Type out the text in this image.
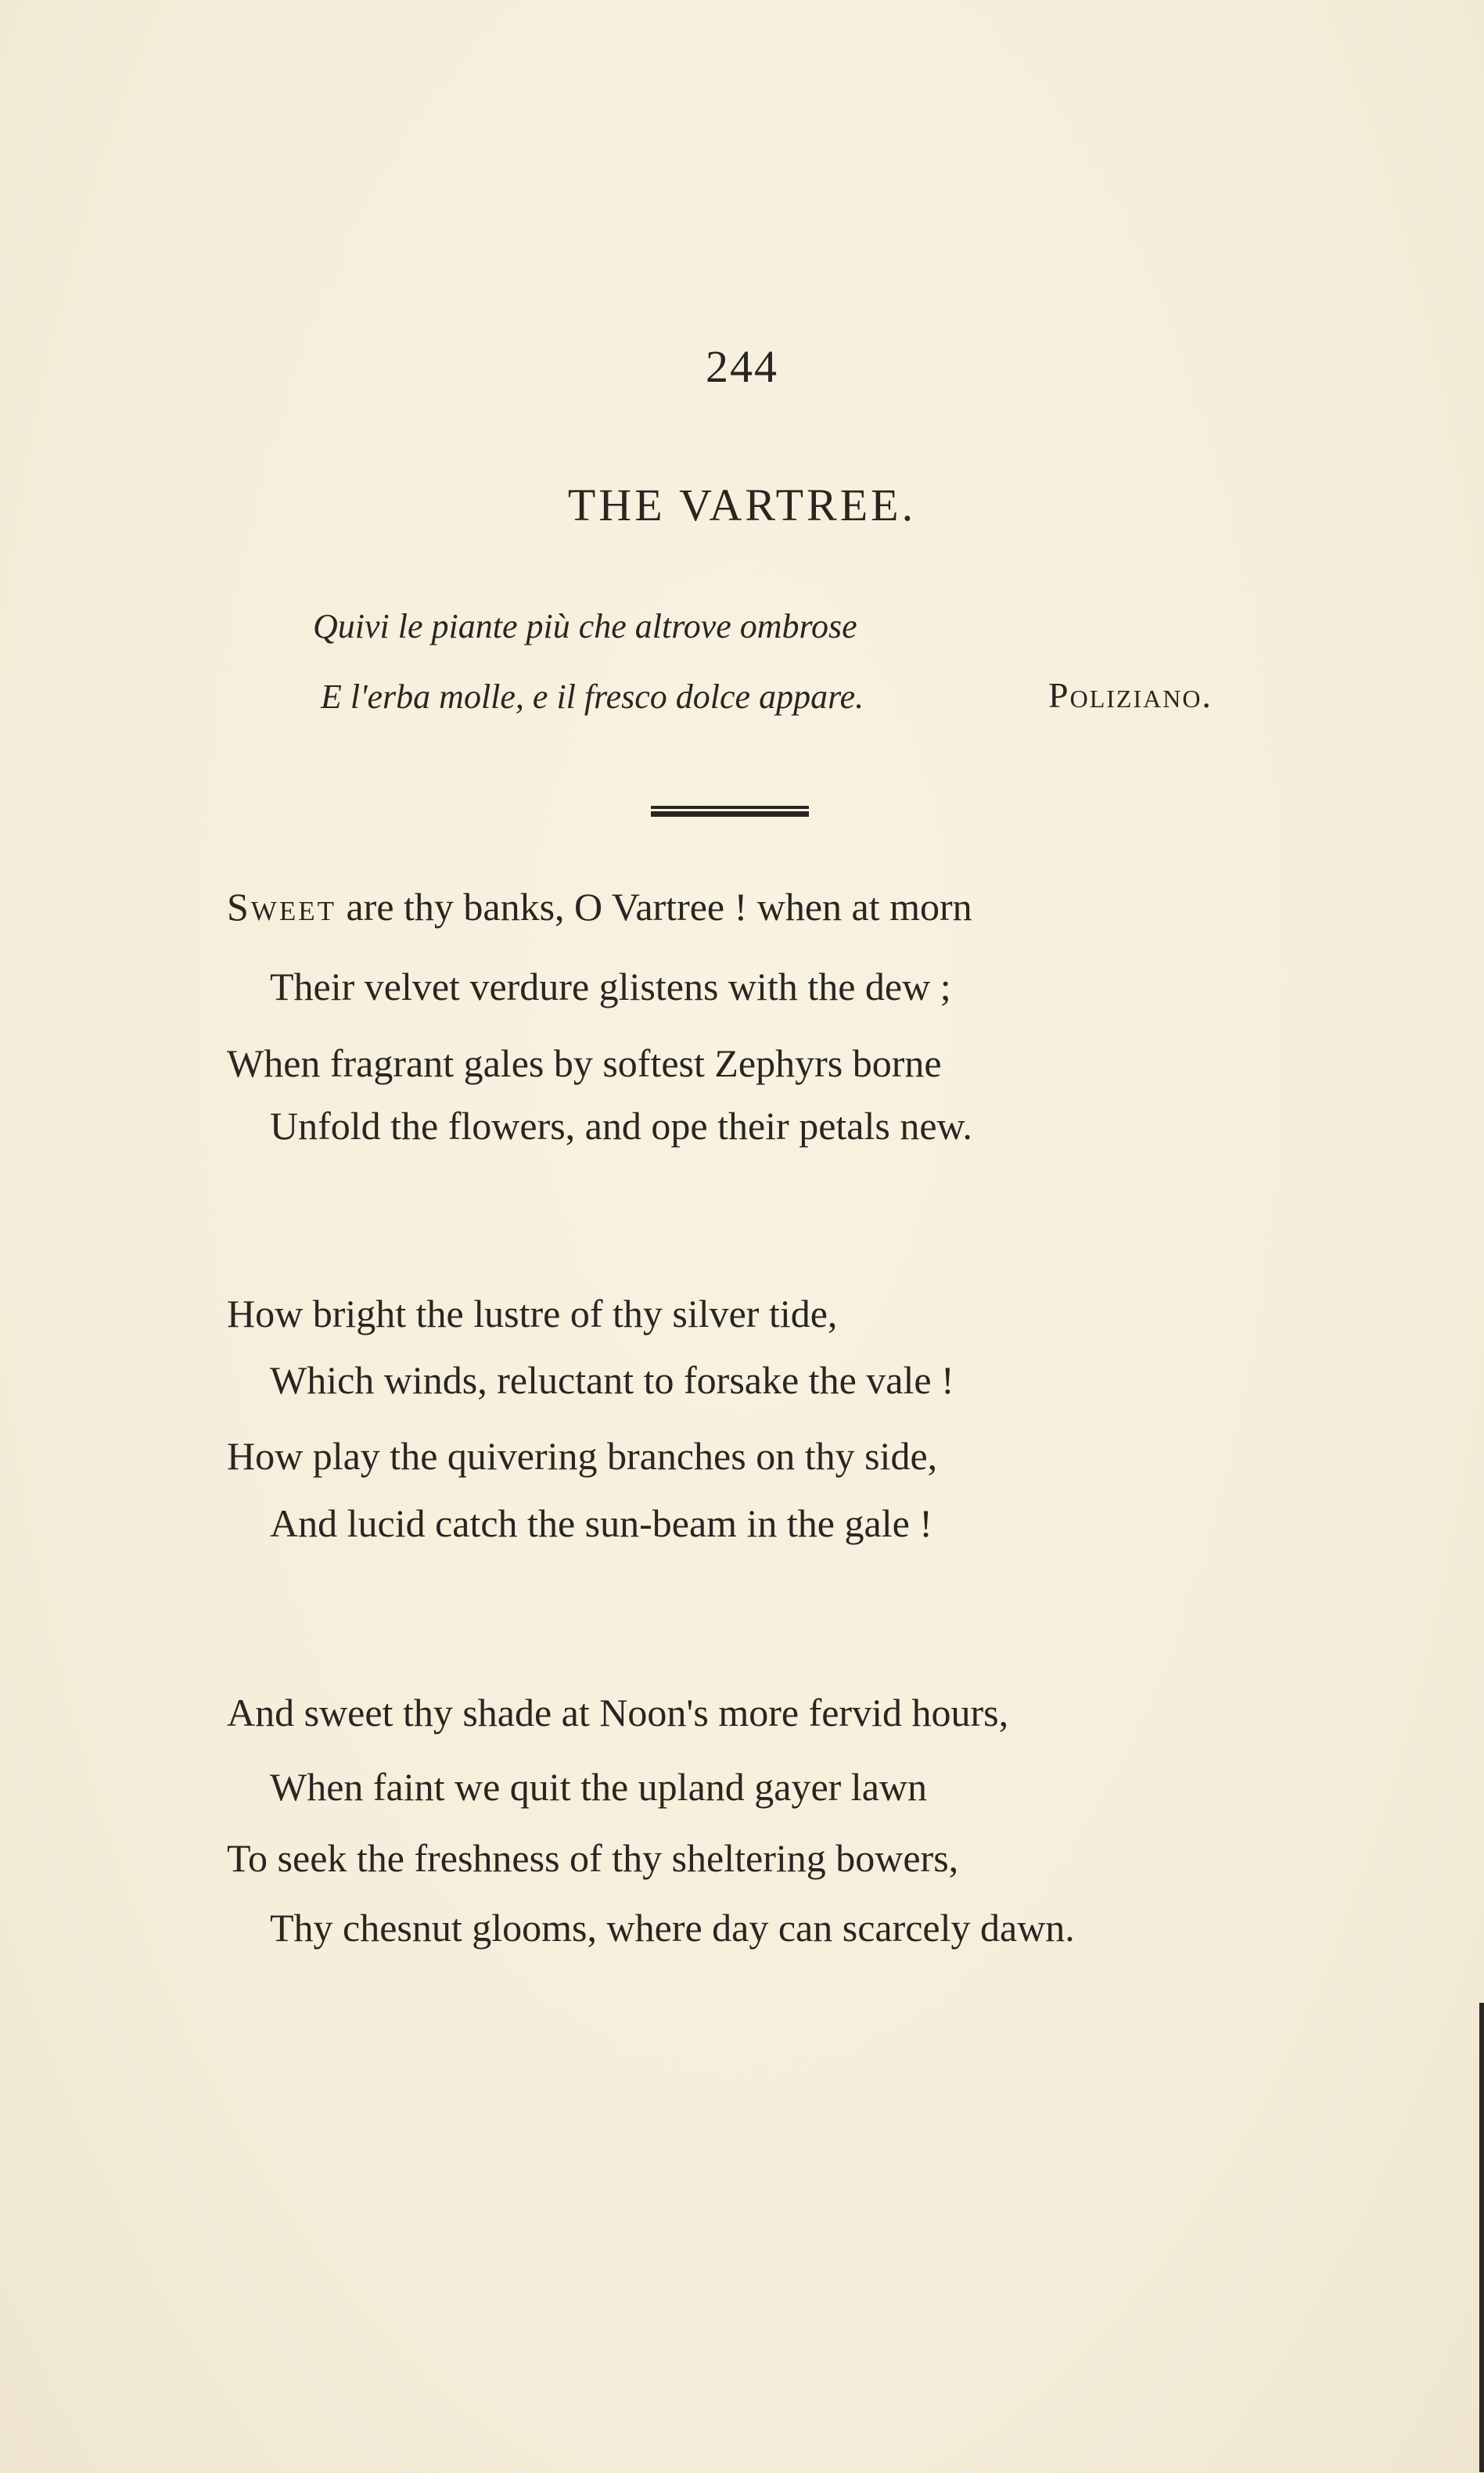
244
THE VARTREE.
Quivi le piante più che altrove ombrose
E l'erba molle, e il fresco dolce appare.	Poliziano.
Sweet are thy banks, O Vartree ! when at morn
Their velvet verdure glistens with the dew ;
When fragrant gales by softest Zephyrs borne
Unfold the flowers, and ope their petals new.
How bright the lustre of thy silver tide,
Which winds, reluctant to forsake the vale !
How play the quivering branches on thy side,
And lucid catch the sun-beam in the gale !
And sweet thy shade at Noon's more fervid hours,
When faint we quit the upland gayer lawn
To seek the freshness of thy sheltering bowers,
Thy chesnut glooms, where day can scarcely dawn.
